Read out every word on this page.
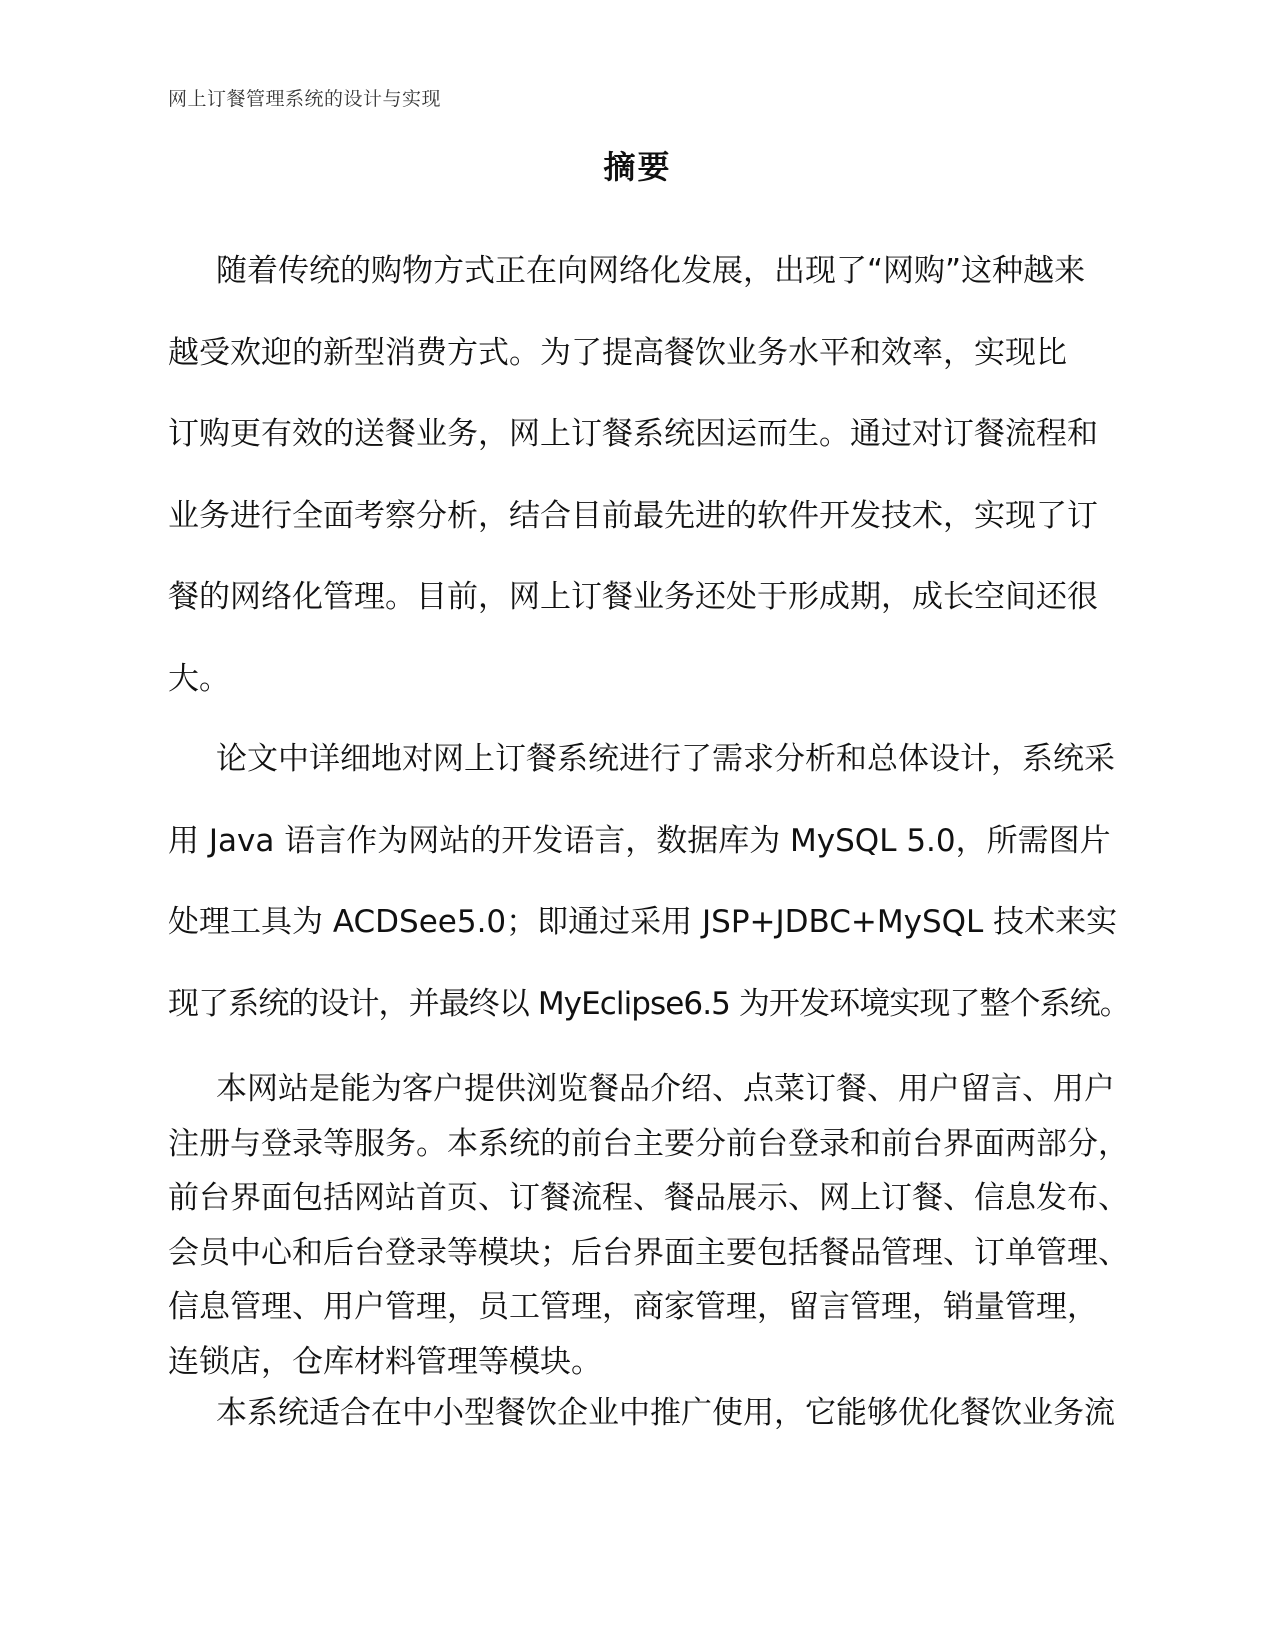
网上订餐管理系统的设计与实现
摘要
随着传统的购物方式正在向网络化发展，出现了“网购”这种越来
越受欢迎的新型消费方式。为了提高餐饮业务水平和效率，实现比
订购更有效的送餐业务，网上订餐系统因运而生。通过对订餐流程和
业务进行全面考察分析，结合目前最先进的软件开发技术，实现了订
餐的网络化管理。目前，网上订餐业务还处于形成期，成长空间还很
大。
论文中详细地对网上订餐系统进行了需求分析和总体设计，系统采
用 Java 语言作为网站的开发语言，数据库为 MySQL 5.0，所需图片
处理工具为 ACDSee5.0；即通过采用 JSP+JDBC+MySQL 技术来实
现了系统的设计，并最终以 MyEclipse6.5 为开发环境实现了整个系统。
本网站是能为客户提供浏览餐品介绍、点菜订餐、用户留言、用户
注册与登录等服务。本系统的前台主要分前台登录和前台界面两部分，
前台界面包括网站首页、订餐流程、餐品展示、网上订餐、信息发布、
会员中心和后台登录等模块；后台界面主要包括餐品管理、订单管理、
信息管理、用户管理，员工管理，商家管理，留言管理，销量管理，
连锁店，仓库材料管理等模块。
本系统适合在中小型餐饮企业中推广使用，它能够优化餐饮业务流
